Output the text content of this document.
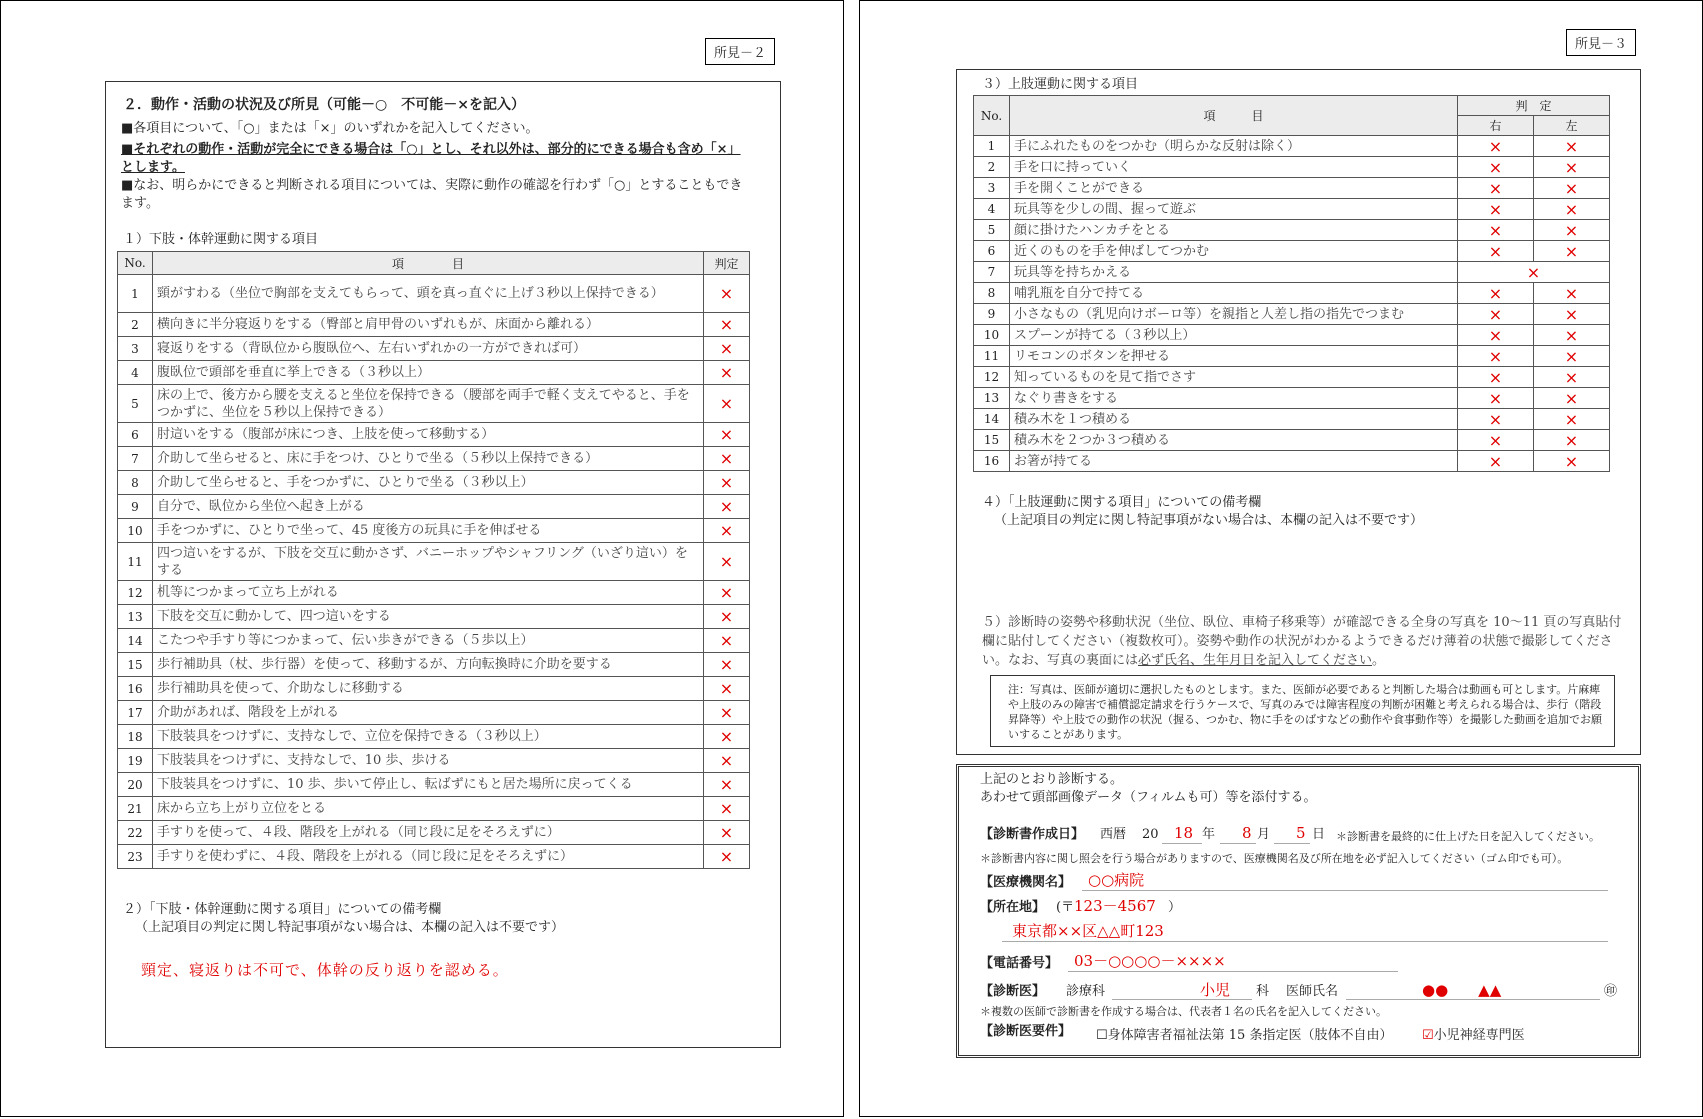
所見－２
２．動作・活動の状況及び所見（可能－○　不可能－×を記入）
■各項目について、「○」または「×」のいずれかを記入してください。
■それぞれの動作・活動が完全にできる場合は「○」とし、それ以外は、部分的にできる場合も含め「×」とします。
■なお、明らかにできると判断される項目については、実際に動作の確認を行わず「○」とすることもできます。
１）下肢・体幹運動に関する項目
No.	項　　　　目	判定
1	頸がすわる（坐位で胸部を支えてもらって、頭を真っ直ぐに上げ３秒以上保持できる）	×
2	横向きに半分寝返りをする（臀部と肩甲骨のいずれもが、床面から離れる）	×
3	寝返りをする（背臥位から腹臥位へ、左右いずれかの一方ができれば可）	×
4	腹臥位で頭部を垂直に挙上できる（３秒以上）	×
5	床の上で、後方から腰を支えると坐位を保持できる（腰部を両手で軽く支えてやると、手をつかずに、坐位を５秒以上保持できる）	×
6	肘這いをする（腹部が床につき、上肢を使って移動する）	×
7	介助して坐らせると、床に手をつけ、ひとりで坐る（５秒以上保持できる）	×
8	介助して坐らせると、手をつかずに、ひとりで坐る（３秒以上）	×
9	自分で、臥位から坐位へ起き上がる	×
10	手をつかずに、ひとりで坐って、45 度後方の玩具に手を伸ばせる	×
11	四つ這いをするが、下肢を交互に動かさず、バニーホップやシャフリング（いざり這い）をする	×
12	机等につかまって立ち上がれる	×
13	下肢を交互に動かして、四つ這いをする	×
14	こたつや手すり等につかまって、伝い歩きができる（５歩以上）	×
15	歩行補助具（杖、歩行器）を使って、移動するが、方向転換時に介助を要する	×
16	歩行補助具を使って、介助なしに移動する	×
17	介助があれば、階段を上がれる	×
18	下肢装具をつけずに、支持なしで、立位を保持できる（３秒以上）	×
19	下肢装具をつけずに、支持なしで、10 歩、歩ける	×
20	下肢装具をつけずに、10 歩、歩いて停止し、転ばずにもと居た場所に戻ってくる	×
21	床から立ち上がり立位をとる	×
22	手すりを使って、４段、階段を上がれる（同じ段に足をそろえずに）	×
23	手すりを使わずに、４段、階段を上がれる（同じ段に足をそろえずに）	×
２）「下肢・体幹運動に関する項目」についての備考欄
（上記項目の判定に関し特記事項がない場合は、本欄の記入は不要です）
頸定、寝返りは不可で、体幹の反り返りを認める。
所見－３
３）上肢運動に関する項目
No.	項　　　目	判　定	
		右	左
1	手にふれたものをつかむ（明らかな反射は除く）	×	×
2	手を口に持っていく	×	×
3	手を開くことができる	×	×
4	玩具等を少しの間、握って遊ぶ	×	×
5	顔に掛けたハンカチをとる	×	×
6	近くのものを手を伸ばしてつかむ	×	×
7	玩具等を持ちかえる	×	
8	哺乳瓶を自分で持てる	×	×
9	小さなもの（乳児向けボーロ等）を親指と人差し指の指先でつまむ	×	×
10	スプーンが持てる（３秒以上）	×	×
11	リモコンのボタンを押せる	×	×
12	知っているものを見て指でさす	×	×
13	なぐり書きをする	×	×
14	積み木を１つ積める	×	×
15	積み木を２つか３つ積める	×	×
16	お箸が持てる	×	×
４）「上肢運動に関する項目」についての備考欄
（上記項目の判定に関し特記事項がない場合は、本欄の記入は不要です）
５）診断時の姿勢や移動状況（坐位、臥位、車椅子移乗等）が確認できる全身の写真を 10～11 頁の写真貼付欄に貼付してください（複数枚可）。姿勢や動作の状況がわかるようできるだけ薄着の状態で撮影してください。なお、写真の裏面には必ず氏名、生年月日を記入してください。
注：写真は、医師が適切に選択したものとします。また、医師が必要であると判断した場合は動画も可とします。片麻痺や上肢のみの障害で補償認定請求を行うケースで、写真のみでは障害程度の判断が困難と考えられる場合は、歩行（階段昇降等）や上肢での動作の状況（握る、つかむ、物に手をのばすなどの動作や食事動作等）を撮影した動画を追加でお願いすることがあります。
上記のとおり診断する。
あわせて頭部画像データ（フィルムも可）等を添付する。
【診断書作成日】 西暦 20 18 年 8 月 5 日 ＊診断書を最終的に仕上げた日を記入してください。
＊診断書内容に関し照会を行う場合がありますので、医療機関名及び所在地を必ず記入してください（ゴム印でも可）。
【医療機関名】 ○○病院
【所在地】 (〒 123－4567 ）
東京都××区△△町123
【電話番号】 03－○○○○－××××
【診断医】 診療科	小児 科 医師氏名	●●　　▲▲	㊞
＊複数の医師で診断書を作成する場合は、代表者１名の氏名を記入してください。
【診断医要件】 ☐身体障害者福祉法第 15 条指定医（肢体不自由） ☑小児神経専門医
